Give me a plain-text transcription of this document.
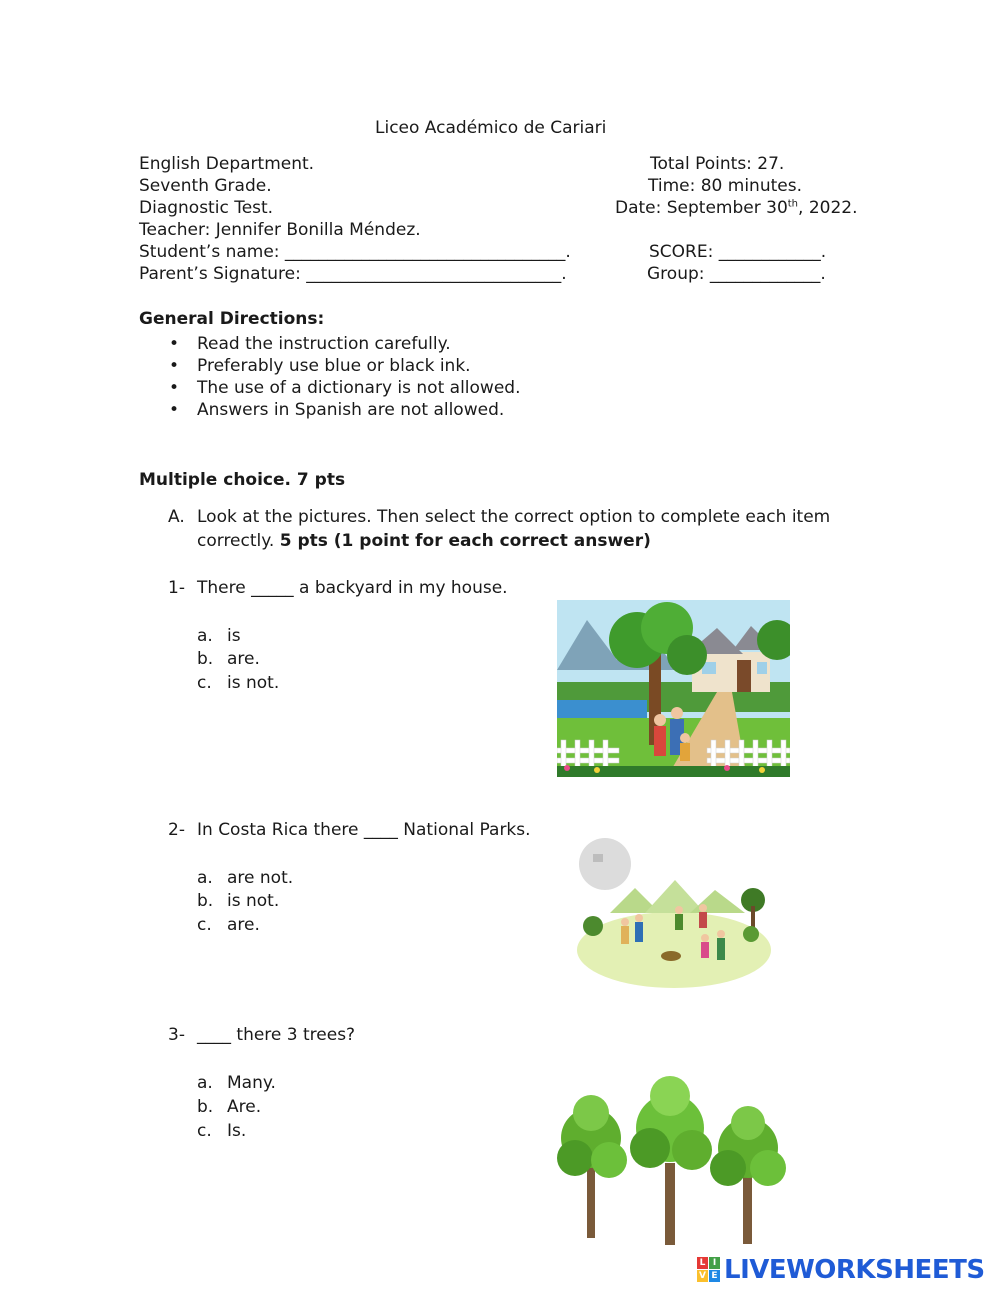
Liceo Académico de Cariari
English Department.
Seventh Grade.
Diagnostic Test.
Teacher: Jennifer Bonilla Méndez.
Student’s name: _________________________________.
Parent’s Signature: ______________________________.
Total Points: 27.
Time: 80 minutes.
Date: September 30th, 2022.
SCORE: ____________.
Group: _____________.
General Directions:
• Read the instruction carefully.
• Preferably use blue or black ink.
• The use of a dictionary is not allowed.
• Answers in Spanish are not allowed.
Multiple choice. 7 pts
A. Look at the pictures. Then select the correct option to complete each item
correctly. 5 pts (1 point for each correct answer)
1- There _____ a backyard in my house.
a. is
b. are.
c. is not.
2- In Costa Rica there ____ National Parks.
a. are not.
b. is not.
c. are.
3- ____ there 3 trees?
a. Many.
b. Are.
c. Is.
L I
V E LIVEWORKSHEETS
